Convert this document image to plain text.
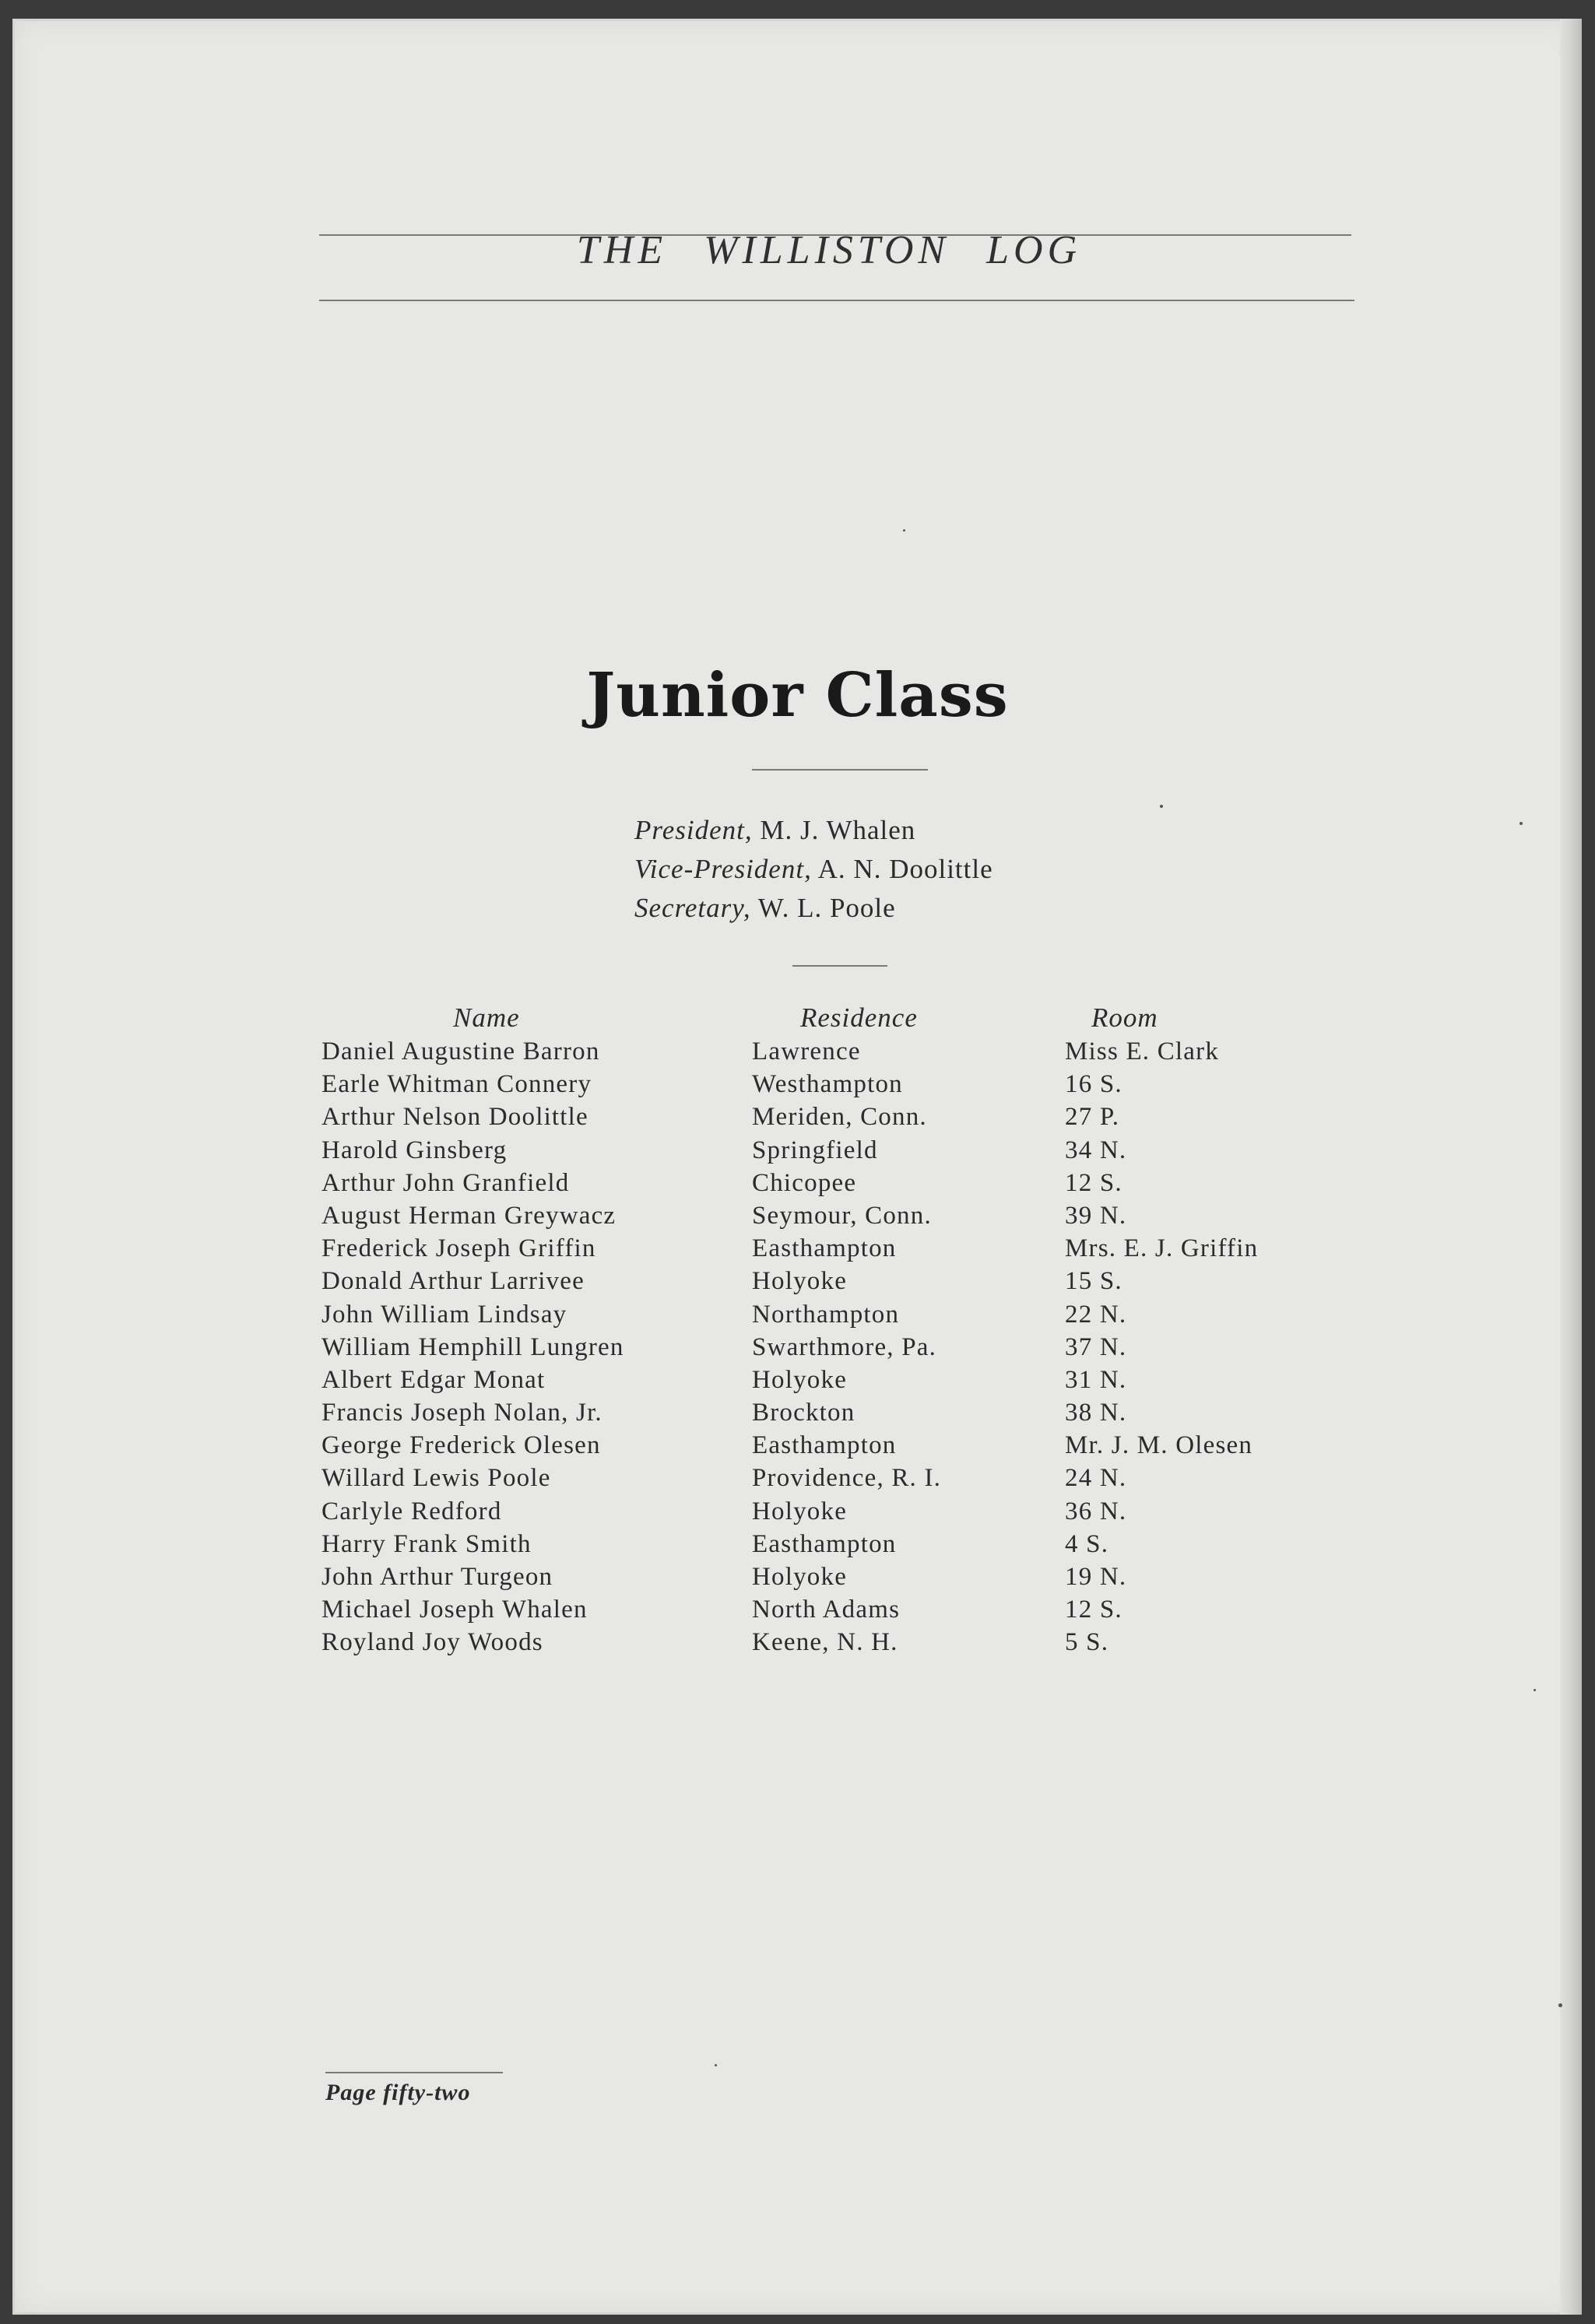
THE WILLISTON LOG
Junior Class
President, M. J. Whalen
Vice-President, A. N. Doolittle
Secretary, W. L. Poole
Name	Residence	Room
Daniel Augustine Barron	Lawrence	Miss E. Clark
Earle Whitman Connery	Westhampton	16 S.
Arthur Nelson Doolittle	Meriden, Conn.	27 P.
Harold Ginsberg	Springfield	34 N.
Arthur John Granfield	Chicopee	12 S.
August Herman Greywacz	Seymour, Conn.	39 N.
Frederick Joseph Griffin	Easthampton	Mrs. E. J. Griffin
Donald Arthur Larrivee	Holyoke	15 S.
John William Lindsay	Northampton	22 N.
William Hemphill Lungren	Swarthmore, Pa.	37 N.
Albert Edgar Monat	Holyoke	31 N.
Francis Joseph Nolan, Jr.	Brockton	38 N.
George Frederick Olesen	Easthampton	Mr. J. M. Olesen
Willard Lewis Poole	Providence, R. I.	24 N.
Carlyle Redford	Holyoke	36 N.
Harry Frank Smith	Easthampton	4 S.
John Arthur Turgeon	Holyoke	19 N.
Michael Joseph Whalen	North Adams	12 S.
Royland Joy Woods	Keene, N. H.	5 S.
Page fifty-two
